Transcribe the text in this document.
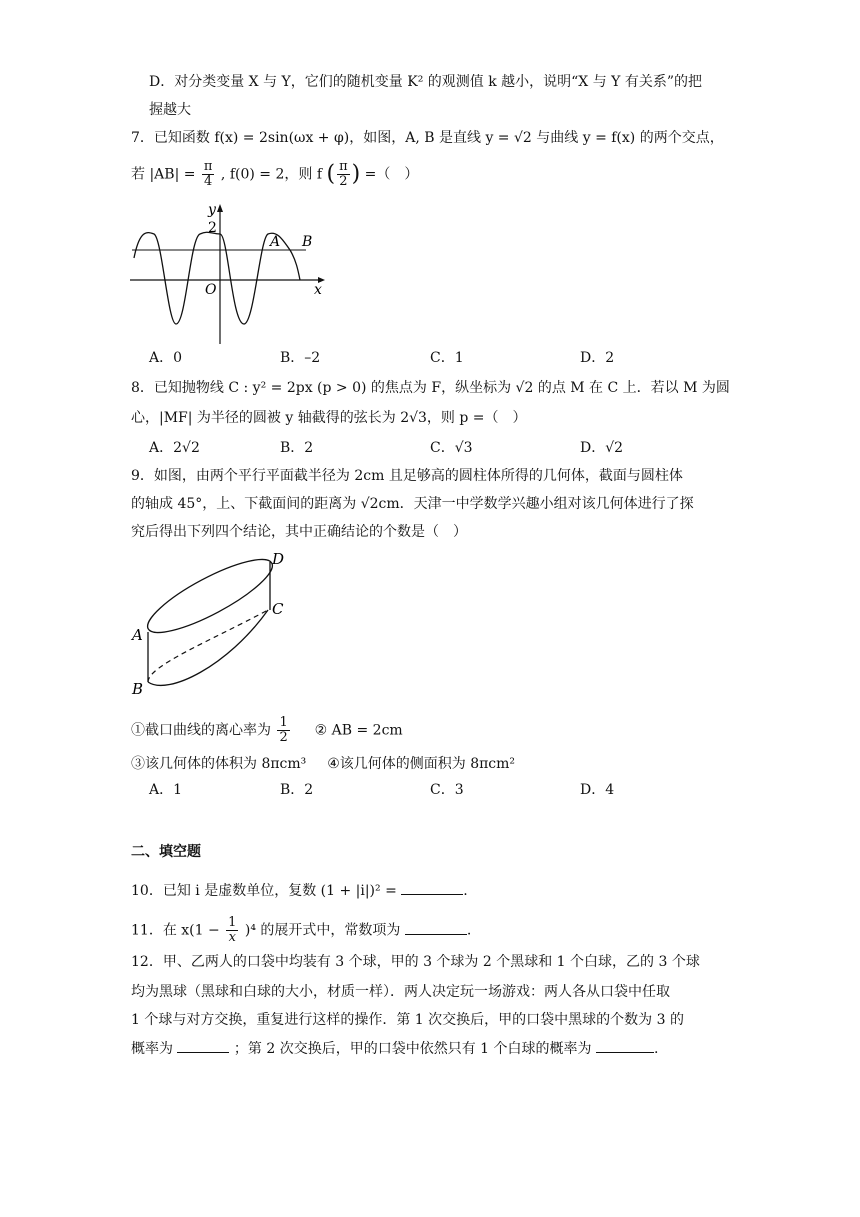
D．对分类变量 X 与 Y，它们的随机变量 K² 的观测值 k 越小，说明“X 与 Y 有关系”的把
握越大
7．已知函数 f(x) = 2sin(ωx + φ)，如图，A, B 是直线 y = √2 与曲线 y = f(x) 的两个交点，
若 $|AB| = \frac{\pi}{4}$ , f(0) = 2，则 f ( $\frac{\pi}{2}$ ) =（　）
y
x
O
2
A B
A．0	B．–2	C．1	D．2
8．已知抛物线 C : y² = 2px (p > 0) 的焦点为 F，纵坐标为 √2 的点 M 在 C 上．若以 M 为圆
心，|MF| 为半径的圆被 y 轴截得的弦长为 2√3，则 p =（　）
A．2√2	B．2	C．√3	D．√2
9．如图，由两个平行平面截半径为 2cm 且足够高的圆柱体所得的几何体，截面与圆柱体
的轴成 45°，上、下截面间的距离为 √2cm．天津一中学数学兴趣小组对该几何体进行了探
究后得出下列四个结论，其中正确结论的个数是（　）
A
B
C
D
①截口曲线的离心率为 $\frac{1}{2}$ ② AB = 2cm
③该几何体的体积为 8πcm³ ④该几何体的侧面积为 8πcm²
A．1	B．2	C．3	D．4
二、填空题
10．已知 i 是虚数单位，复数 (1 + |i|)² =	.
11．在 $x(1 - \frac{1}{x} )^4$ 的展开式中，常数项为	.
12．甲、乙两人的口袋中均装有 3 个球，甲的 3 个球为 2 个黑球和 1 个白球，乙的 3 个球
均为黑球（黑球和白球的大小，材质一样）．两人决定玩一场游戏：两人各从口袋中任取
1 个球与对方交换，重复进行这样的操作．第 1 次交换后，甲的口袋中黑球的个数为 3 的
概率为	；第 2 次交换后，甲的口袋中依然只有 1 个白球的概率为	.
